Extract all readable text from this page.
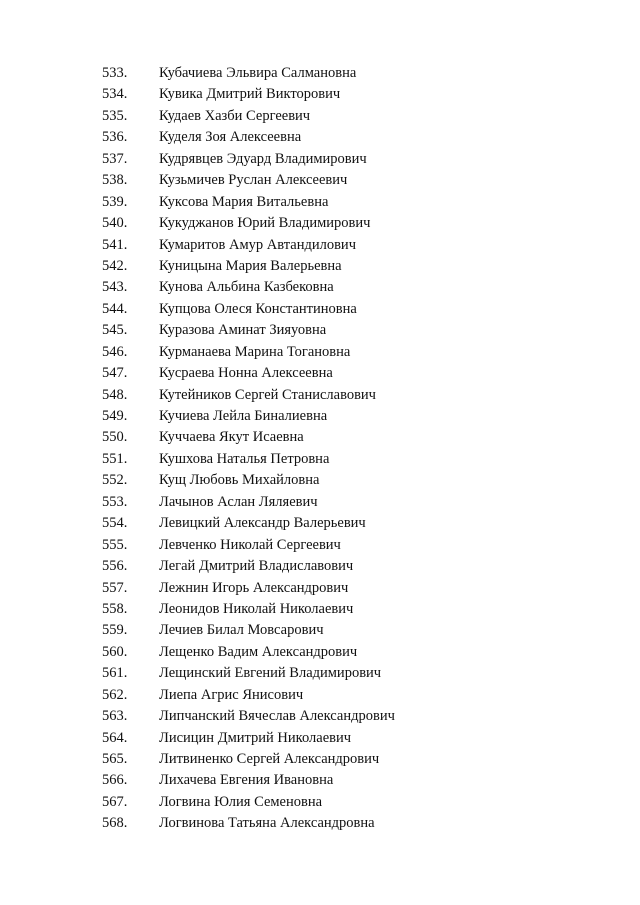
533. Кубачиева Эльвира Салмановна
534. Кувика Дмитрий Викторович
535. Кудаев Хазби Сергеевич
536. Куделя Зоя Алексеевна
537. Кудрявцев Эдуард Владимирович
538. Кузьмичев Руслан Алексеевич
539. Куксова Мария Витальевна
540. Кукуджанов Юрий Владимирович
541. Кумаритов Амур Автандилович
542. Куницына Мария Валерьевна
543. Кунова Альбина Казбековна
544. Купцова Олеся Константиновна
545. Куразова Аминат Зияуовна
546. Курманаева Марина Тогановна
547. Кусраева Нонна Алексеевна
548. Кутейников Сергей Станиславович
549. Кучиева Лейла Биналиевна
550. Куччаева Якут Исаевна
551. Кушхова Наталья Петровна
552. Кущ Любовь Михайловна
553. Лачынов Аслан Ляляевич
554. Левицкий Александр Валерьевич
555. Левченко Николай Сергеевич
556. Легай Дмитрий Владиславович
557. Лежнин Игорь Александрович
558. Леонидов Николай Николаевич
559. Лечиев Билал Мовсарович
560. Лещенко Вадим Александрович
561. Лещинский Евгений Владимирович
562. Лиепа Агрис Янисович
563. Липчанский Вячеслав Александрович
564. Лисицин Дмитрий Николаевич
565. Литвиненко Сергей Александрович
566. Лихачева Евгения Ивановна
567. Логвина Юлия Семеновна
568. Логвинова Татьяна Александровна
